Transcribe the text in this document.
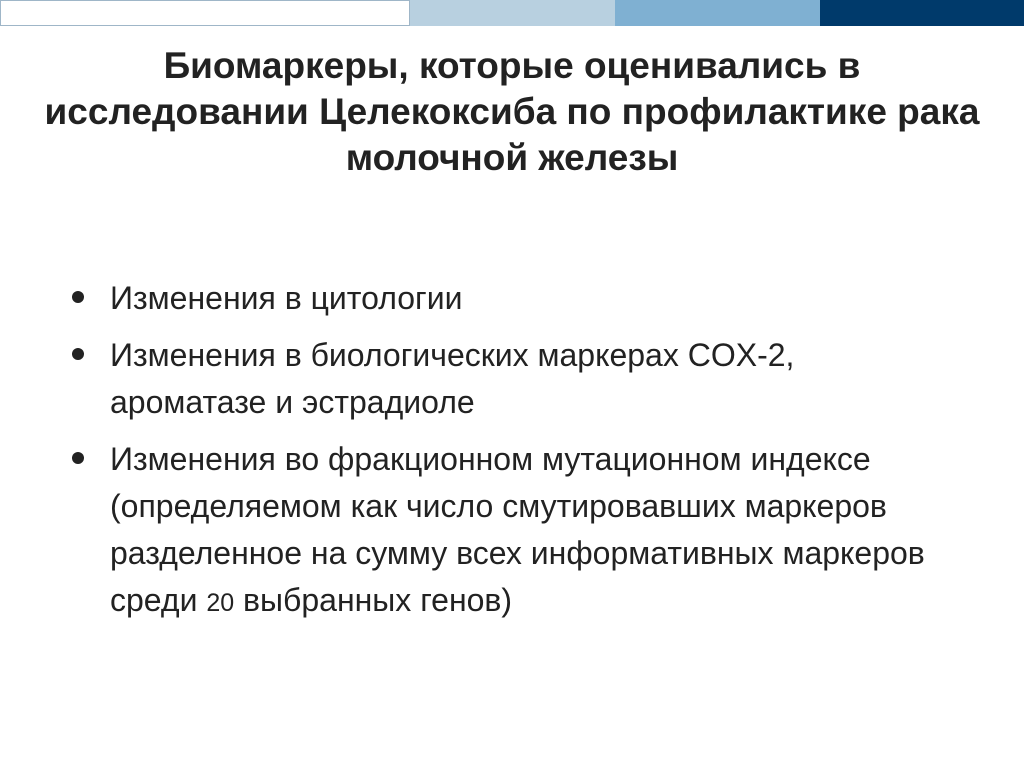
Биомаркеры, которые оценивались в исследовании Целекоксиба по профилактике рака молочной железы
Изменения в цитологии
Изменения в биологических маркерах COX-2, ароматазе и эстрадиоле
Изменения во фракционном мутационном индексе (определяемом как число смутировавших маркеров разделенное на сумму всех информативных маркеров среди 20 выбранных генов)
